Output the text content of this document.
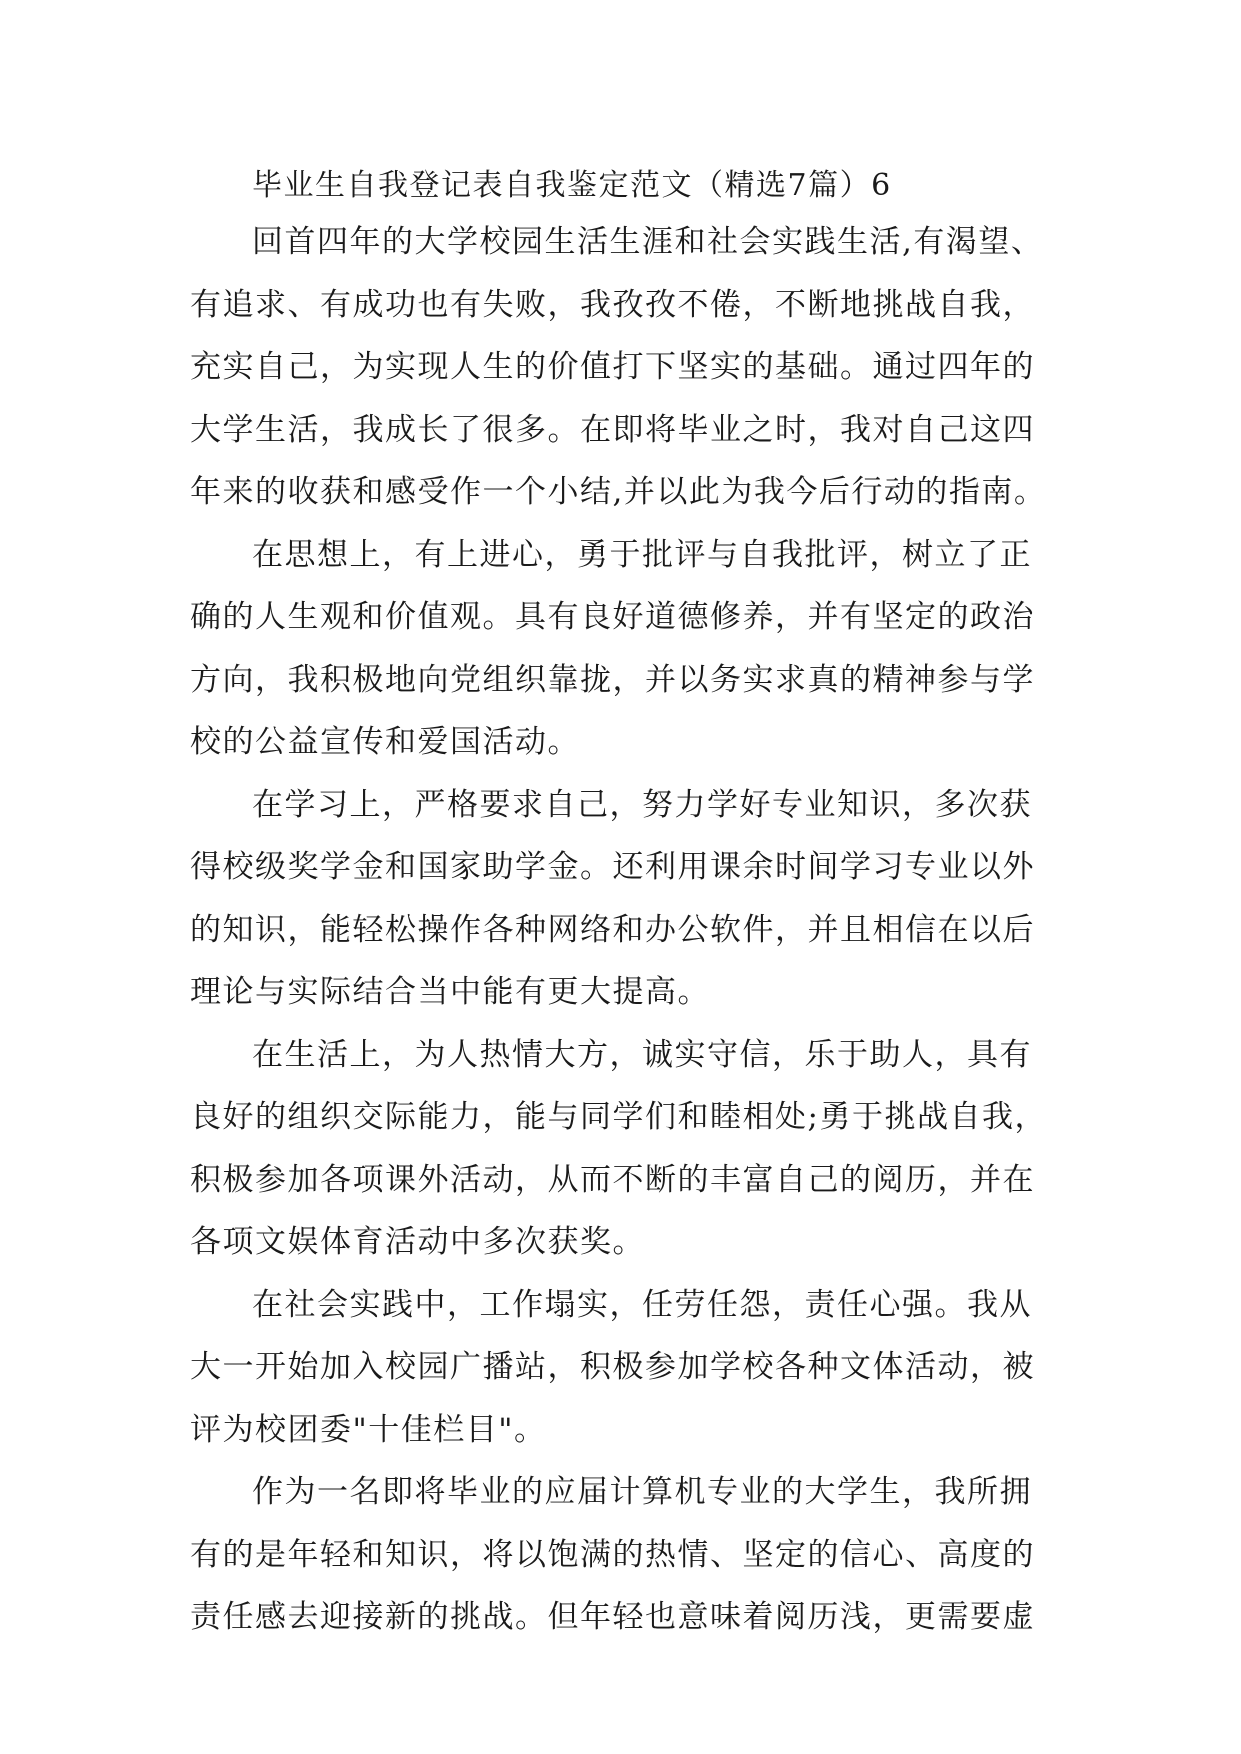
毕业生自我登记表自我鉴定范文（精选7篇）6
回首四年的大学校园生活生涯和社会实践生活,有渴望、
有追求、有成功也有失败，我孜孜不倦，不断地挑战自我，
充实自己，为实现人生的价值打下坚实的基础。通过四年的
大学生活，我成长了很多。在即将毕业之时，我对自己这四
年来的收获和感受作一个小结,并以此为我今后行动的指南。
在思想上，有上进心，勇于批评与自我批评，树立了正
确的人生观和价值观。具有良好道德修养，并有坚定的政治
方向，我积极地向党组织靠拢，并以务实求真的精神参与学
校的公益宣传和爱国活动。
在学习上，严格要求自己，努力学好专业知识，多次获
得校级奖学金和国家助学金。还利用课余时间学习专业以外
的知识，能轻松操作各种网络和办公软件，并且相信在以后
理论与实际结合当中能有更大提高。
在生活上，为人热情大方，诚实守信，乐于助人，具有
良好的组织交际能力，能与同学们和睦相处;勇于挑战自我，
积极参加各项课外活动，从而不断的丰富自己的阅历，并在
各项文娱体育活动中多次获奖。
在社会实践中，工作塌实，任劳任怨，责任心强。我从
大一开始加入校园广播站，积极参加学校各种文体活动，被
评为校团委"十佳栏目"。
作为一名即将毕业的应届计算机专业的大学生，我所拥
有的是年轻和知识，将以饱满的热情、坚定的信心、高度的
责任感去迎接新的挑战。但年轻也意味着阅历浅，更需要虚
